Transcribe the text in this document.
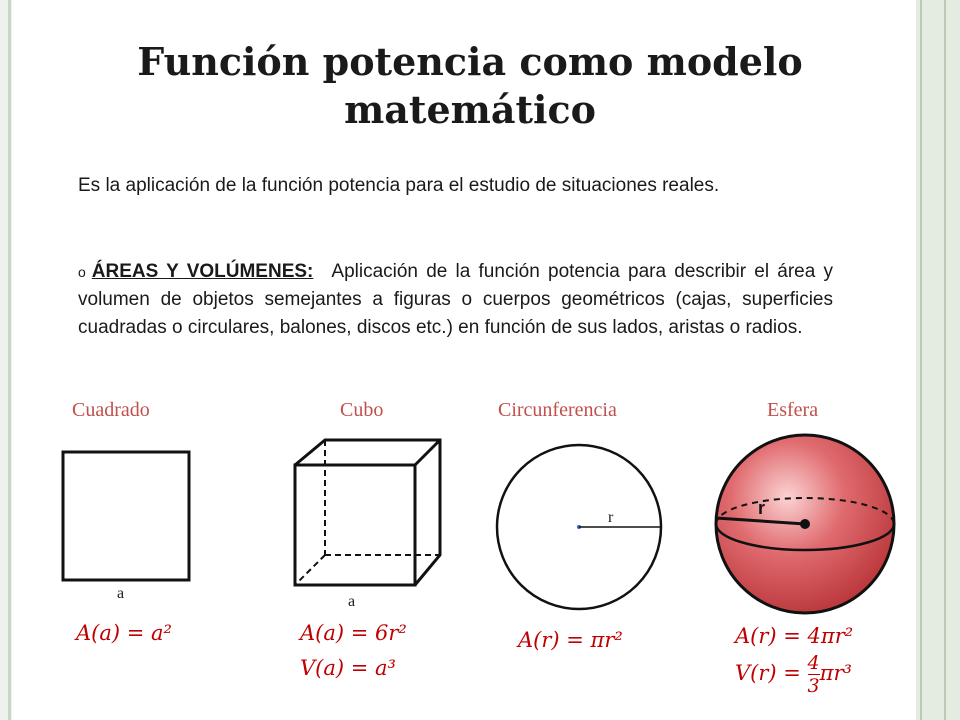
Función potencia como modelo
matemático

Es la aplicación de la función potencia para el estudio de situaciones reales.

o ÁREAS Y VOLÚMENES: Aplicación de la función potencia para describir el área y volumen de objetos semejantes a figuras o cuerpos geométricos (cajas, superficies cuadradas o circulares, balones, discos etc.) en función de sus lados, aristas o radios.

Cuadrado	Cubo	Circunferencia	Esfera
a	a
r	r
A(a) = a²	A(a) = 6r²
V(a) = a³
A(r) = πr²	A(r) = 4πr²
$V(r) = \frac{4}{3} \pi r^3$
